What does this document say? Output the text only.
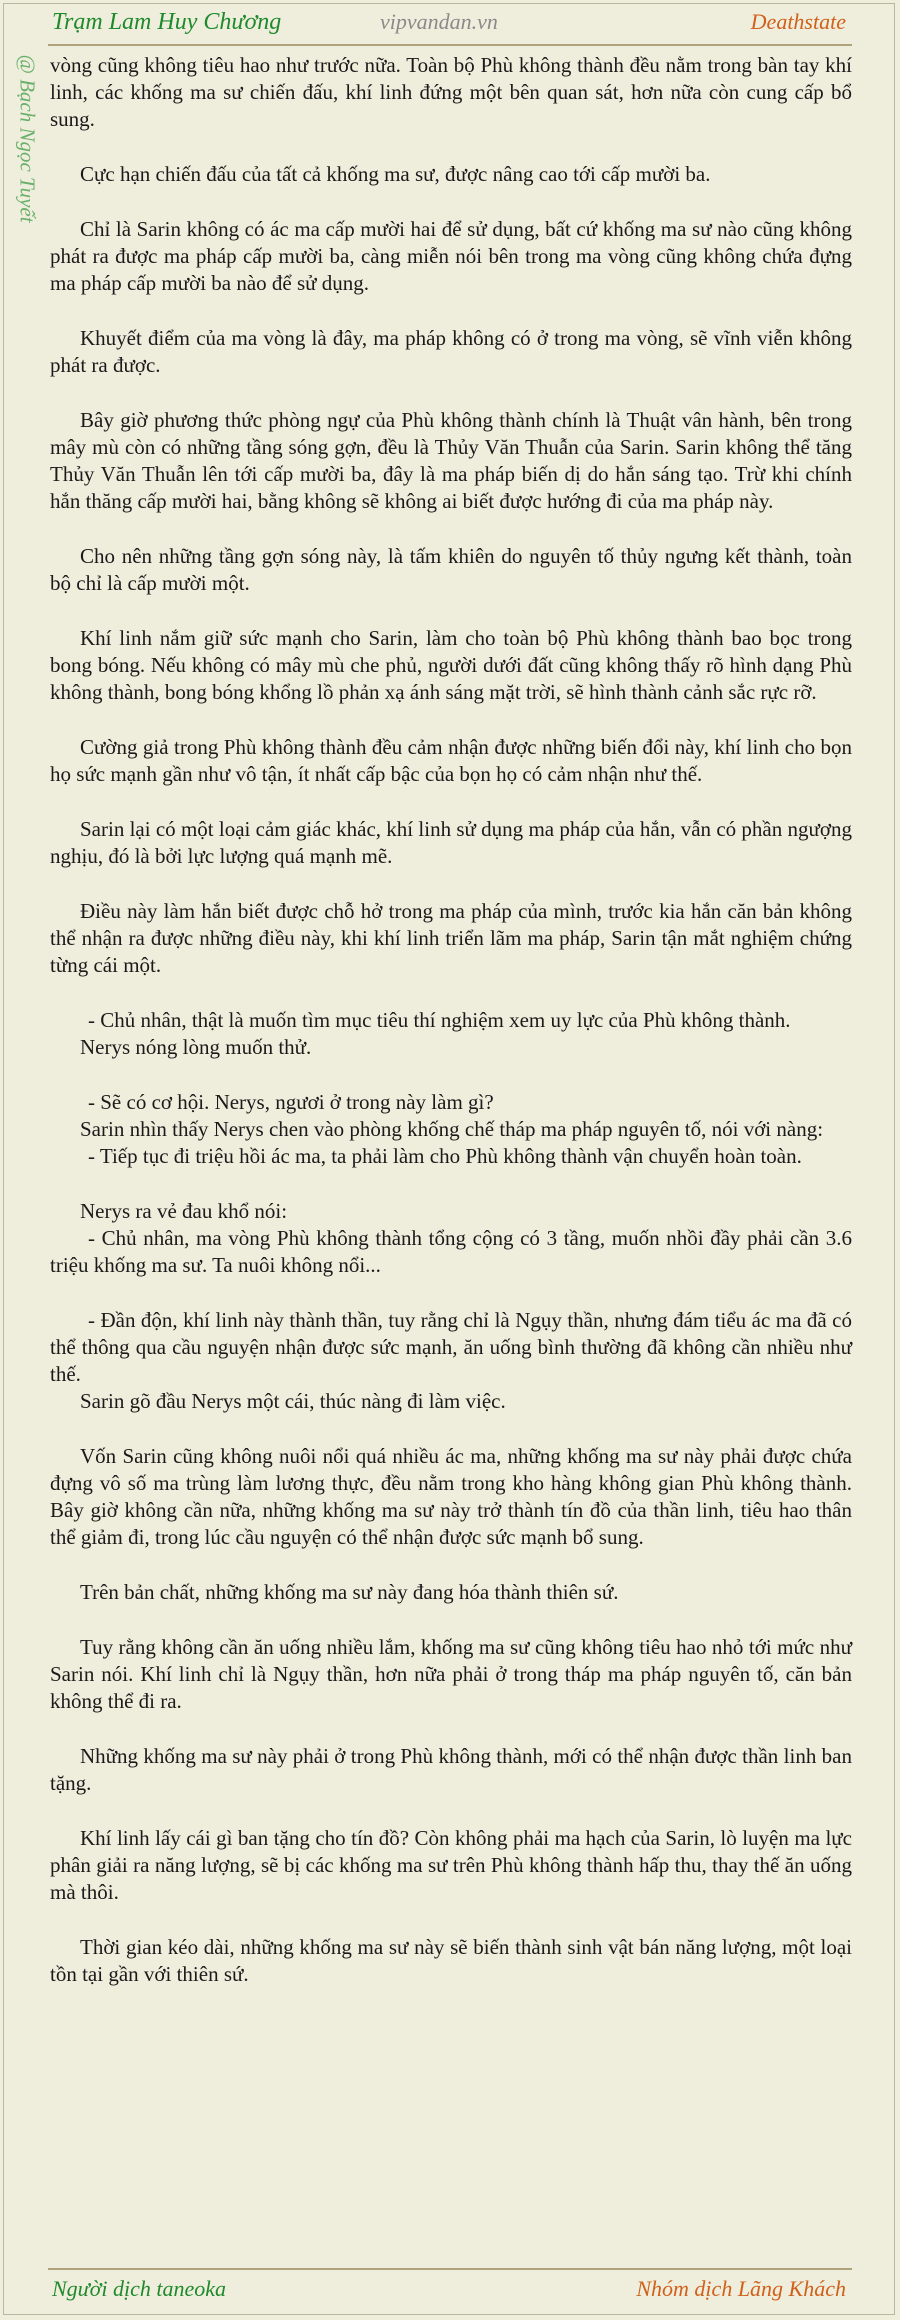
Trạm Lam Huy Chương	vipvandan.vn	Deathstate
@ Bạch Ngọc Tuyết vòng cũng không tiêu hao như trước nữa. Toàn bộ Phù không thành đều nằm trong bàn tay khí linh, các khống ma sư chiến đấu, khí linh đứng một bên quan sát, hơn nữa còn cung cấp bổ sung.

Cực hạn chiến đấu của tất cả khống ma sư, được nâng cao tới cấp mười ba.

Chỉ là Sarin không có ác ma cấp mười hai để sử dụng, bất cứ khống ma sư nào cũng không phát ra được ma pháp cấp mười ba, càng miễn nói bên trong ma vòng cũng không chứa đựng ma pháp cấp mười ba nào để sử dụng.

Khuyết điểm của ma vòng là đây, ma pháp không có ở trong ma vòng, sẽ vĩnh viễn không phát ra được.

Bây giờ phương thức phòng ngự của Phù không thành chính là Thuật vân hành, bên trong mây mù còn có những tầng sóng gợn, đều là Thủy Văn Thuẫn của Sarin. Sarin không thể tăng Thủy Văn Thuẫn lên tới cấp mười ba, đây là ma pháp biến dị do hắn sáng tạo. Trừ khi chính hắn thăng cấp mười hai, bằng không sẽ không ai biết được hướng đi của ma pháp này.

Cho nên những tầng gợn sóng này, là tấm khiên do nguyên tố thủy ngưng kết thành, toàn bộ chỉ là cấp mười một.

Khí linh nắm giữ sức mạnh cho Sarin, làm cho toàn bộ Phù không thành bao bọc trong bong bóng. Nếu không có mây mù che phủ, người dưới đất cũng không thấy rõ hình dạng Phù không thành, bong bóng khổng lồ phản xạ ánh sáng mặt trời, sẽ hình thành cảnh sắc rực rỡ.

Cường giả trong Phù không thành đều cảm nhận được những biến đổi này, khí linh cho bọn họ sức mạnh gần như vô tận, ít nhất cấp bậc của bọn họ có cảm nhận như thế.

Sarin lại có một loại cảm giác khác, khí linh sử dụng ma pháp của hắn, vẫn có phần ngượng nghịu, đó là bởi lực lượng quá mạnh mẽ.

Điều này làm hắn biết được chỗ hở trong ma pháp của mình, trước kia hắn căn bản không thể nhận ra được những điều này, khi khí linh triển lãm ma pháp, Sarin tận mắt nghiệm chứng từng cái một.

- Chủ nhân, thật là muốn tìm mục tiêu thí nghiệm xem uy lực của Phù không thành.

Nerys nóng lòng muốn thử.

- Sẽ có cơ hội. Nerys, ngươi ở trong này làm gì?

Sarin nhìn thấy Nerys chen vào phòng khống chế tháp ma pháp nguyên tố, nói với nàng:

- Tiếp tục đi triệu hồi ác ma, ta phải làm cho Phù không thành vận chuyển hoàn toàn.

Nerys ra vẻ đau khổ nói:

- Chủ nhân, ma vòng Phù không thành tổng cộng có 3 tầng, muốn nhồi đầy phải cần 3.6 triệu khống ma sư. Ta nuôi không nổi...

- Đần độn, khí linh này thành thần, tuy rằng chỉ là Ngụy thần, nhưng đám tiểu ác ma đã có thể thông qua cầu nguyện nhận được sức mạnh, ăn uống bình thường đã không cần nhiều như thế.

Sarin gõ đầu Nerys một cái, thúc nàng đi làm việc.

Vốn Sarin cũng không nuôi nổi quá nhiều ác ma, những khống ma sư này phải được chứa đựng vô số ma trùng làm lương thực, đều nằm trong kho hàng không gian Phù không thành. Bây giờ không cần nữa, những khống ma sư này trở thành tín đồ của thần linh, tiêu hao thân thể giảm đi, trong lúc cầu nguyện có thể nhận được sức mạnh bổ sung.

Trên bản chất, những khống ma sư này đang hóa thành thiên sứ.

Tuy rằng không cần ăn uống nhiều lắm, khống ma sư cũng không tiêu hao nhỏ tới mức như Sarin nói. Khí linh chỉ là Ngụy thần, hơn nữa phải ở trong tháp ma pháp nguyên tố, căn bản không thể đi ra.

Những khống ma sư này phải ở trong Phù không thành, mới có thể nhận được thần linh ban tặng.

Khí linh lấy cái gì ban tặng cho tín đồ? Còn không phải ma hạch của Sarin, lò luyện ma lực phân giải ra năng lượng, sẽ bị các khống ma sư trên Phù không thành hấp thu, thay thế ăn uống mà thôi.

Thời gian kéo dài, những khống ma sư này sẽ biến thành sinh vật bán năng lượng, một loại tồn tại gần với thiên sứ.

Người dịch taneoka	Nhóm dịch Lãng Khách
